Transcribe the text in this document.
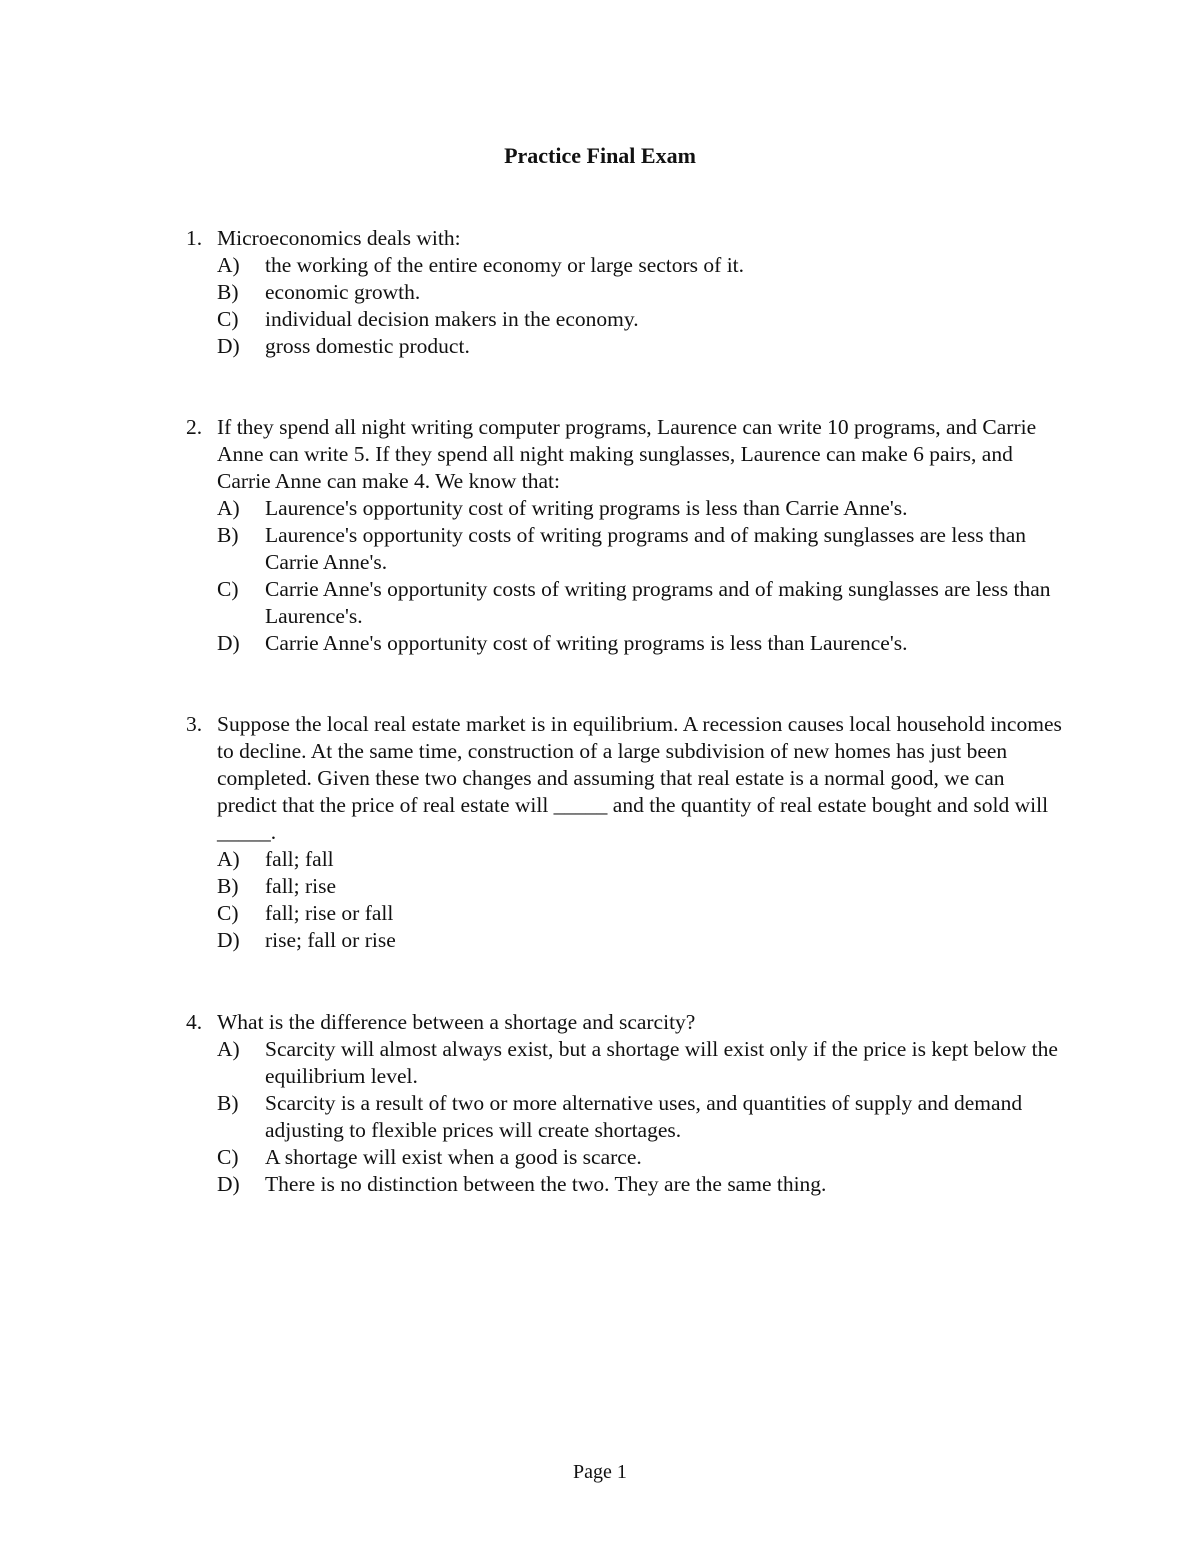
Practice Final Exam
1. Microeconomics deals with:
A)	the working of the entire economy or large sectors of it.
B)	economic growth.
C)	individual decision makers in the economy.
D)	gross domestic product.
2. If they spend all night writing computer programs, Laurence can write 10 programs, and Carrie Anne can write 5. If they spend all night making sunglasses, Laurence can make 6 pairs, and Carrie Anne can make 4. We know that:
A)	Laurence's opportunity cost of writing programs is less than Carrie Anne's.
B)	Laurence's opportunity costs of writing programs and of making sunglasses are less than Carrie Anne's.
C)	Carrie Anne's opportunity costs of writing programs and of making sunglasses are less than Laurence's.
D)	Carrie Anne's opportunity cost of writing programs is less than Laurence's.
3. Suppose the local real estate market is in equilibrium. A recession causes local household incomes to decline. At the same time, construction of a large subdivision of new homes has just been completed. Given these two changes and assuming that real estate is a normal good, we can predict that the price of real estate will _____ and the quantity of real estate bought and sold will _____.
A)	fall; fall
B)	fall; rise
C)	fall; rise or fall
D)	rise; fall or rise
4. What is the difference between a shortage and scarcity?
A)	Scarcity will almost always exist, but a shortage will exist only if the price is kept below the equilibrium level.
B)	Scarcity is a result of two or more alternative uses, and quantities of supply and demand adjusting to flexible prices will create shortages.
C)	A shortage will exist when a good is scarce.
D)	There is no distinction between the two. They are the same thing.
Page 1
